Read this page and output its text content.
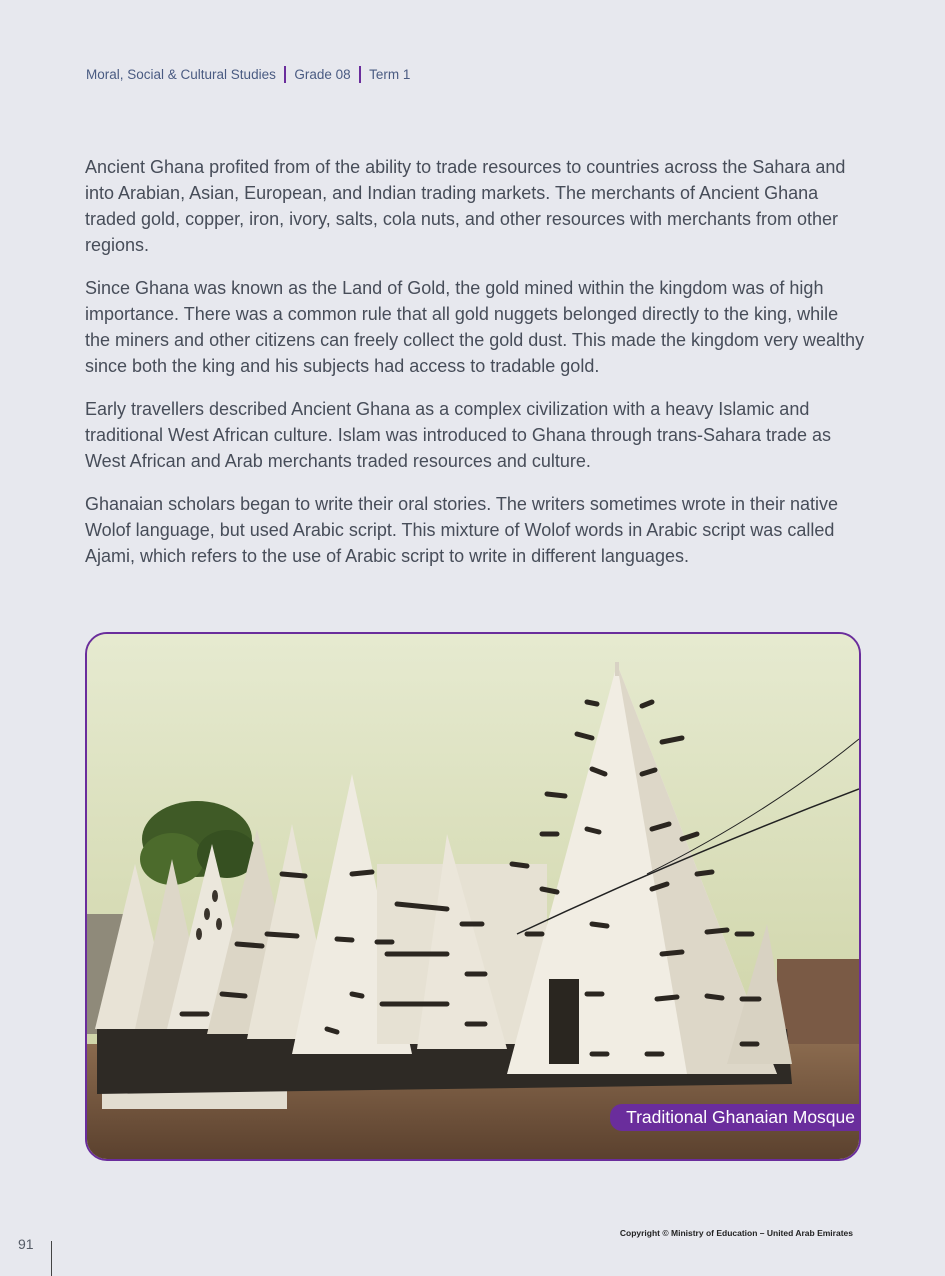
Moral, Social & Cultural Studies Grade 08 Term 1

Ancient Ghana profited from of the ability to trade resources to countries across the Sahara and into Arabian, Asian, European, and Indian trading markets. The merchants of Ancient Ghana traded gold, copper, iron, ivory, salts, cola nuts, and other resources with merchants from other regions.

Since Ghana was known as the Land of Gold, the gold mined within the kingdom was of high importance. There was a common rule that all gold nuggets belonged directly to the king, while the miners and other citizens can freely collect the gold dust. This made the kingdom very wealthy since both the king and his subjects had access to tradable gold.

Early travellers described Ancient Ghana as a complex civilization with a heavy Islamic and traditional West African culture. Islam was introduced to Ghana through trans-Sahara trade as West African and Arab merchants traded resources and culture.

Ghanaian scholars began to write their oral stories. The writers sometimes wrote in their native Wolof language, but used Arabic script. This mixture of Wolof words in Arabic script was called Ajami, which refers to the use of Arabic script to write in different languages.

Traditional Ghanaian Mosque
91
Copyright © Ministry of Education – United Arab Emirates
